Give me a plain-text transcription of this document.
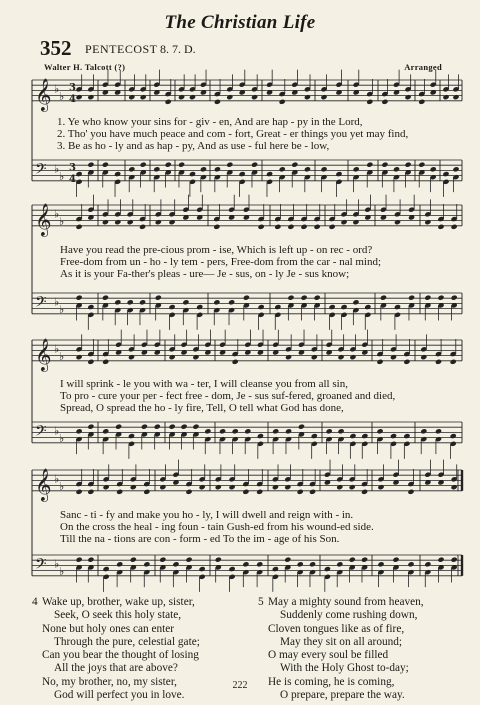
The Christian Life
352 PENTECOST 8. 7. D.
Walter H. Talcott (?)	Arranged
𝄞 ♭
♭
𝄢 ♭
♭
3
4
3
4
𝄞 ♭
♭
𝄢 ♭
♭
𝄞 ♭
♭
𝄢 ♭
♭
𝄞 ♭
♭
𝄢 ♭
♭
1. Ye who know your sins for - giv - en, And are hap - py in the Lord,
2. Tho' you have much peace and com - fort, Great - er things you yet may find,
3. Be as ho - ly and as hap - py, And as use - ful here be - low,
Have you read the pre-cious prom - ise, Which is left up - on rec - ord?
Free-dom from un - ho - ly tem - pers, Free-dom from the car - nal mind;
As it is your Fa-ther's pleas - ure— Je - sus, on - ly Je - sus know;
I will sprink - le you with wa - ter, I will cleanse you from all sin,
To pro - cure your per - fect free - dom, Je - sus suf-fered, groaned and died,
Spread, O spread the ho - ly fire, Tell, O tell what God has done,
Sanc - ti - fy and make you ho - ly, I will dwell and reign with - in.
On the cross the heal - ing foun - tain Gush-ed from his wound-ed side.
Till the na - tions are con - form - ed To the im - age of his Son.
4 Wake up, brother, wake up, sister,
Seek, O seek this holy state,
None but holy ones can enter
Through the pure, celestial gate;
Can you bear the thought of losing
All the joys that are above?
No, my brother, no, my sister,
God will perfect you in love.
5 May a mighty sound from heaven,
Suddenly come rushing down,
Cloven tongues like as of fire,
May they sit on all around;
O may every soul be filled
With the Holy Ghost to-day;
He is coming, he is coming,
O prepare, prepare the way.
222
